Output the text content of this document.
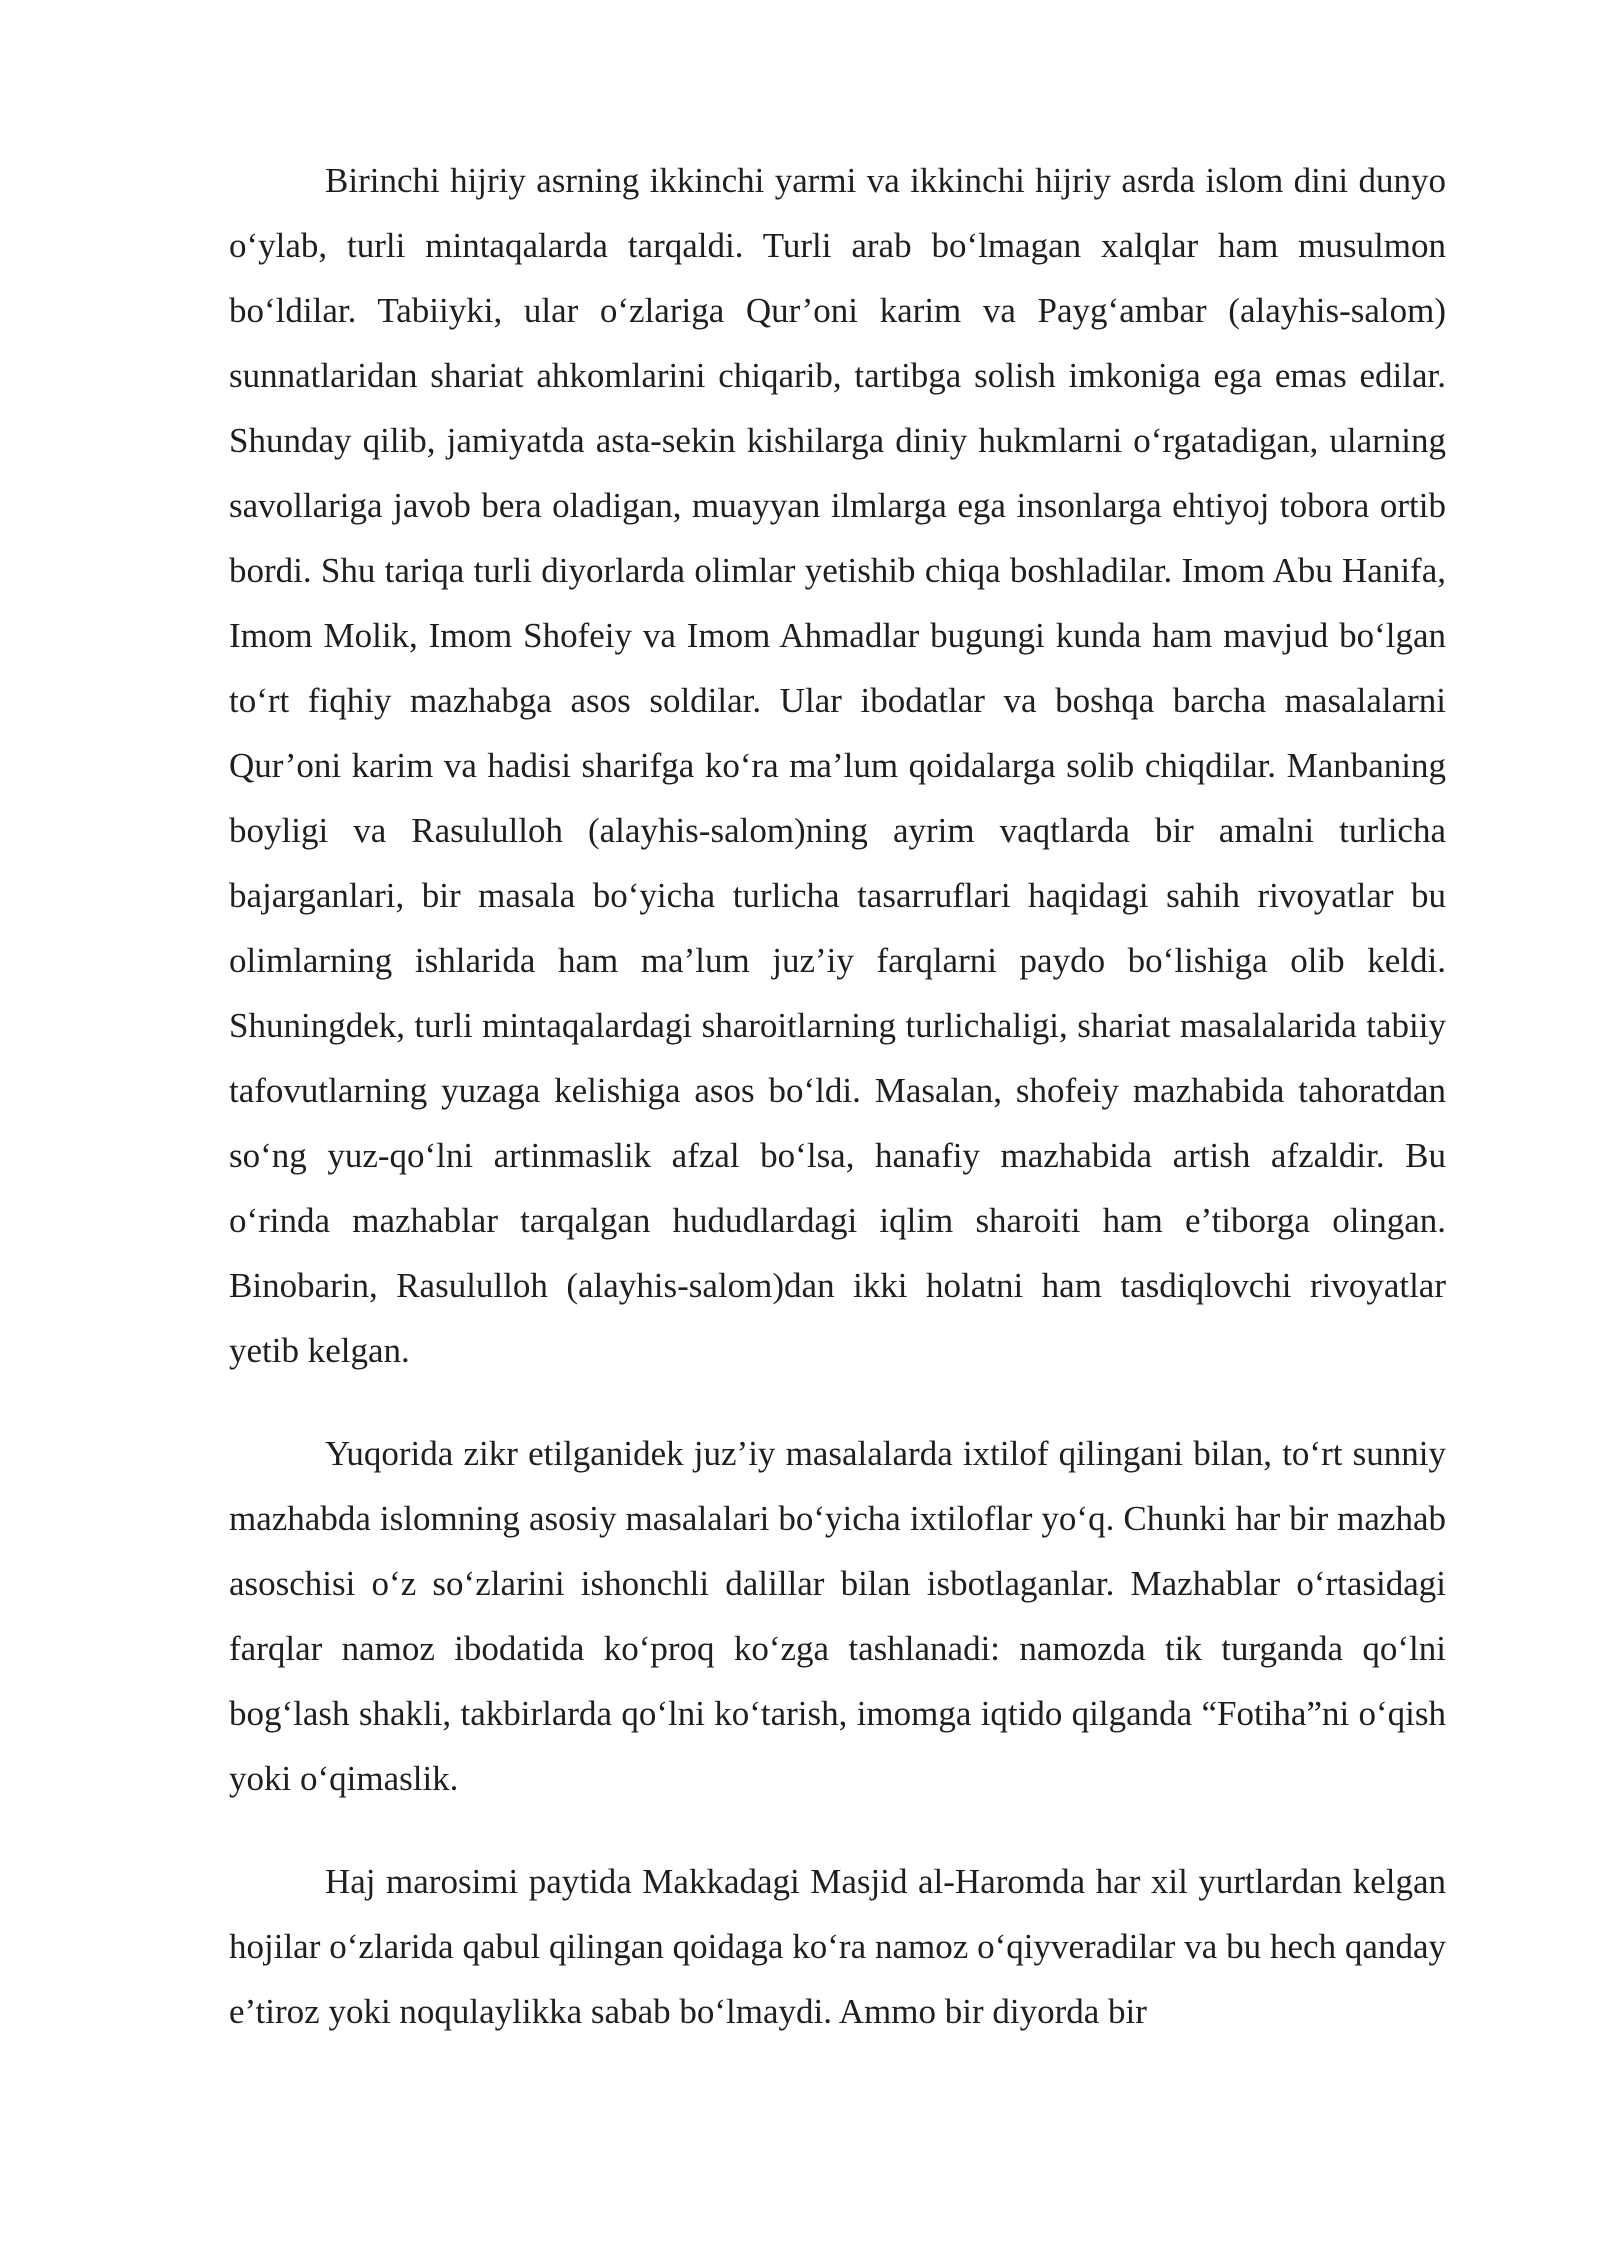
Birinchi hijriy asrning ikkinchi yarmi va ikkinchi hijriy asrda islom dini dunyo o‘ylab, turli mintaqalarda tarqaldi. Turli arab bo‘lmagan xalqlar ham musulmon bo‘ldilar. Tabiiyki, ular o‘zlariga Qur’oni karim va Payg‘ambar (alayhis-salom) sunnatlaridan shariat ahkomlarini chiqarib, tartibga solish imkoniga ega emas edilar. Shunday qilib, jamiyatda asta-sekin kishilarga diniy hukmlarni o‘rgatadigan, ularning savollariga javob bera oladigan, muayyan ilmlarga ega insonlarga ehtiyoj tobora ortib bordi. Shu tariqa turli diyorlarda olimlar yetishib chiqa boshladilar. Imom Abu Hanifa, Imom Molik, Imom Shofeiy va Imom Ahmadlar bugungi kunda ham mavjud bo‘lgan to‘rt fiqhiy mazhabga asos soldilar. Ular ibodatlar va boshqa barcha masalalarni Qur’oni karim va hadisi sharifga ko‘ra ma’lum qoidalarga solib chiqdilar. Manbaning boyligi va Rasululloh (alayhis-salom)ning ayrim vaqtlarda bir amalni turlicha bajarganlari, bir masala bo‘yicha turlicha tasarruflari haqidagi sahih rivoyatlar bu olimlarning ishlarida ham ma’lum juz’iy farqlarni paydo bo‘lishiga olib keldi. Shuningdek, turli mintaqalardagi sharoitlarning turlichaligi, shariat masalalarida tabiiy tafovutlarning yuzaga kelishiga asos bo‘ldi. Masalan, shofeiy mazhabida tahoratdan so‘ng yuz-qo‘lni artinmaslik afzal bo‘lsa, hanafiy mazhabida artish afzaldir. Bu o‘rinda mazhablar tarqalgan hududlardagi iqlim sharoiti ham e’tiborga olingan. Binobarin, Rasululloh (alayhis-salom)dan ikki holatni ham tasdiqlovchi rivoyatlar yetib kelgan.

Yuqorida zikr etilganidek juz’iy masalalarda ixtilof qilingani bilan, to‘rt sunniy mazhabda islomning asosiy masalalari bo‘yicha ixtiloflar yo‘q. Chunki har bir mazhab asoschisi o‘z so‘zlarini ishonchli dalillar bilan isbotlaganlar. Mazhablar o‘rtasidagi farqlar namoz ibodatida ko‘proq ko‘zga tashlanadi: namozda tik turganda qo‘lni bog‘lash shakli, takbirlarda qo‘lni ko‘tarish, imomga iqtido qilganda “Fotiha”ni o‘qish yoki o‘qimaslik.

Haj marosimi paytida Makkadagi Masjid al-Haromda har xil yurtlardan kelgan hojilar o‘zlarida qabul qilingan qoidaga ko‘ra namoz o‘qiyveradilar va bu hech qanday e’tiroz yoki noqulaylikka sabab bo‘lmaydi. Ammo bir diyorda bir
